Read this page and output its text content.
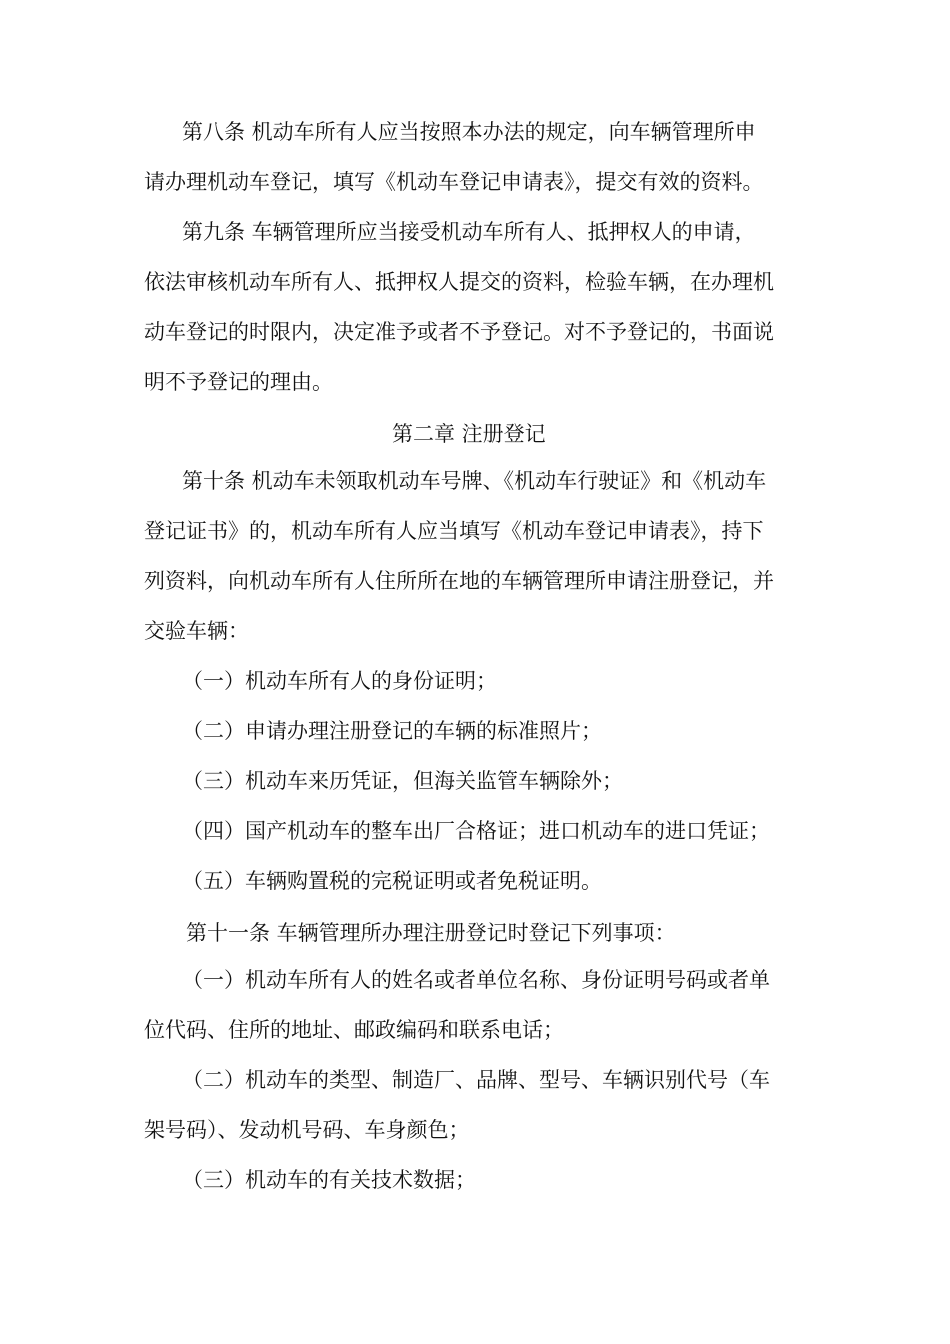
第八条 机动车所有人应当按照本办法的规定，向车辆管理所申
请办理机动车登记，填写《机动车登记申请表》，提交有效的资料。
第九条 车辆管理所应当接受机动车所有人、抵押权人的申请，
依法审核机动车所有人、抵押权人提交的资料，检验车辆，在办理机
动车登记的时限内，决定准予或者不予登记。对不予登记的，书面说
明不予登记的理由。
第二章 注册登记
第十条 机动车未领取机动车号牌、《机动车行驶证》和《机动车
登记证书》的，机动车所有人应当填写《机动车登记申请表》，持下
列资料，向机动车所有人住所所在地的车辆管理所申请注册登记，并
交验车辆：
（一）机动车所有人的身份证明；
（二）申请办理注册登记的车辆的标准照片；
（三）机动车来历凭证，但海关监管车辆除外；
（四）国产机动车的整车出厂合格证；进口机动车的进口凭证；
（五）车辆购置税的完税证明或者免税证明。
第十一条 车辆管理所办理注册登记时登记下列事项：
（一）机动车所有人的姓名或者单位名称、身份证明号码或者单
位代码、住所的地址、邮政编码和联系电话；
（二）机动车的类型、制造厂、品牌、型号、车辆识别代号（车
架号码）、发动机号码、车身颜色；
（三）机动车的有关技术数据；
